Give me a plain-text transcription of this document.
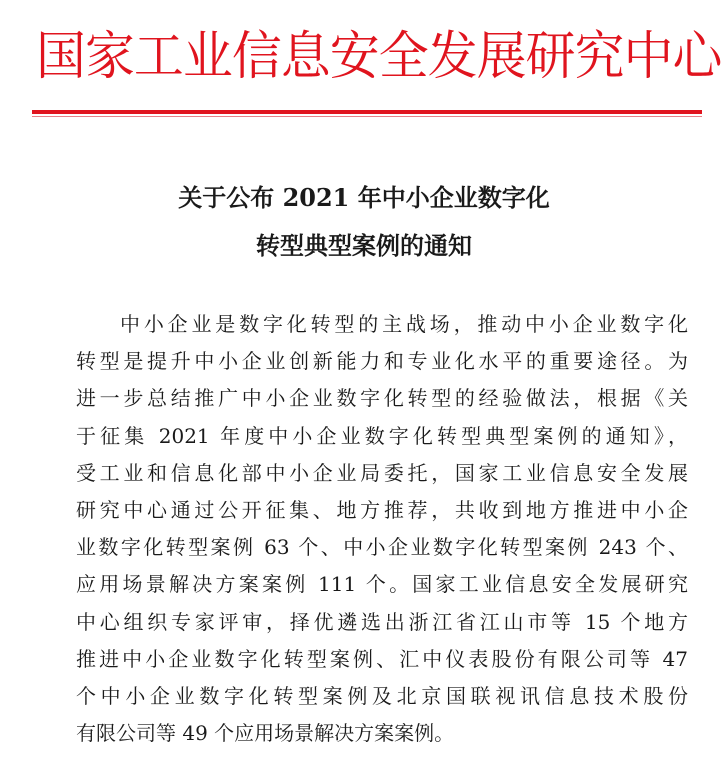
国家工业信息安全发展研究中心
关于公布 2021 年中小企业数字化
转型典型案例的通知
中小企业是数字化转型的主战场，推动中小企业数字化
转型是提升中小企业创新能力和专业化水平的重要途径。为
进一步总结推广中小企业数字化转型的经验做法，根据《关
于征集 2021 年度中小企业数字化转型典型案例的通知》，
受工业和信息化部中小企业局委托，国家工业信息安全发展
研究中心通过公开征集、地方推荐，共收到地方推进中小企
业数字化转型案例 63 个、中小企业数字化转型案例 243 个、
应用场景解决方案案例 111 个。国家工业信息安全发展研究
中心组织专家评审，择优遴选出浙江省江山市等 15 个地方
推进中小企业数字化转型案例、汇中仪表股份有限公司等 47
个中小企业数字化转型案例及北京国联视讯信息技术股份
有限公司等 49 个应用场景解决方案案例。
